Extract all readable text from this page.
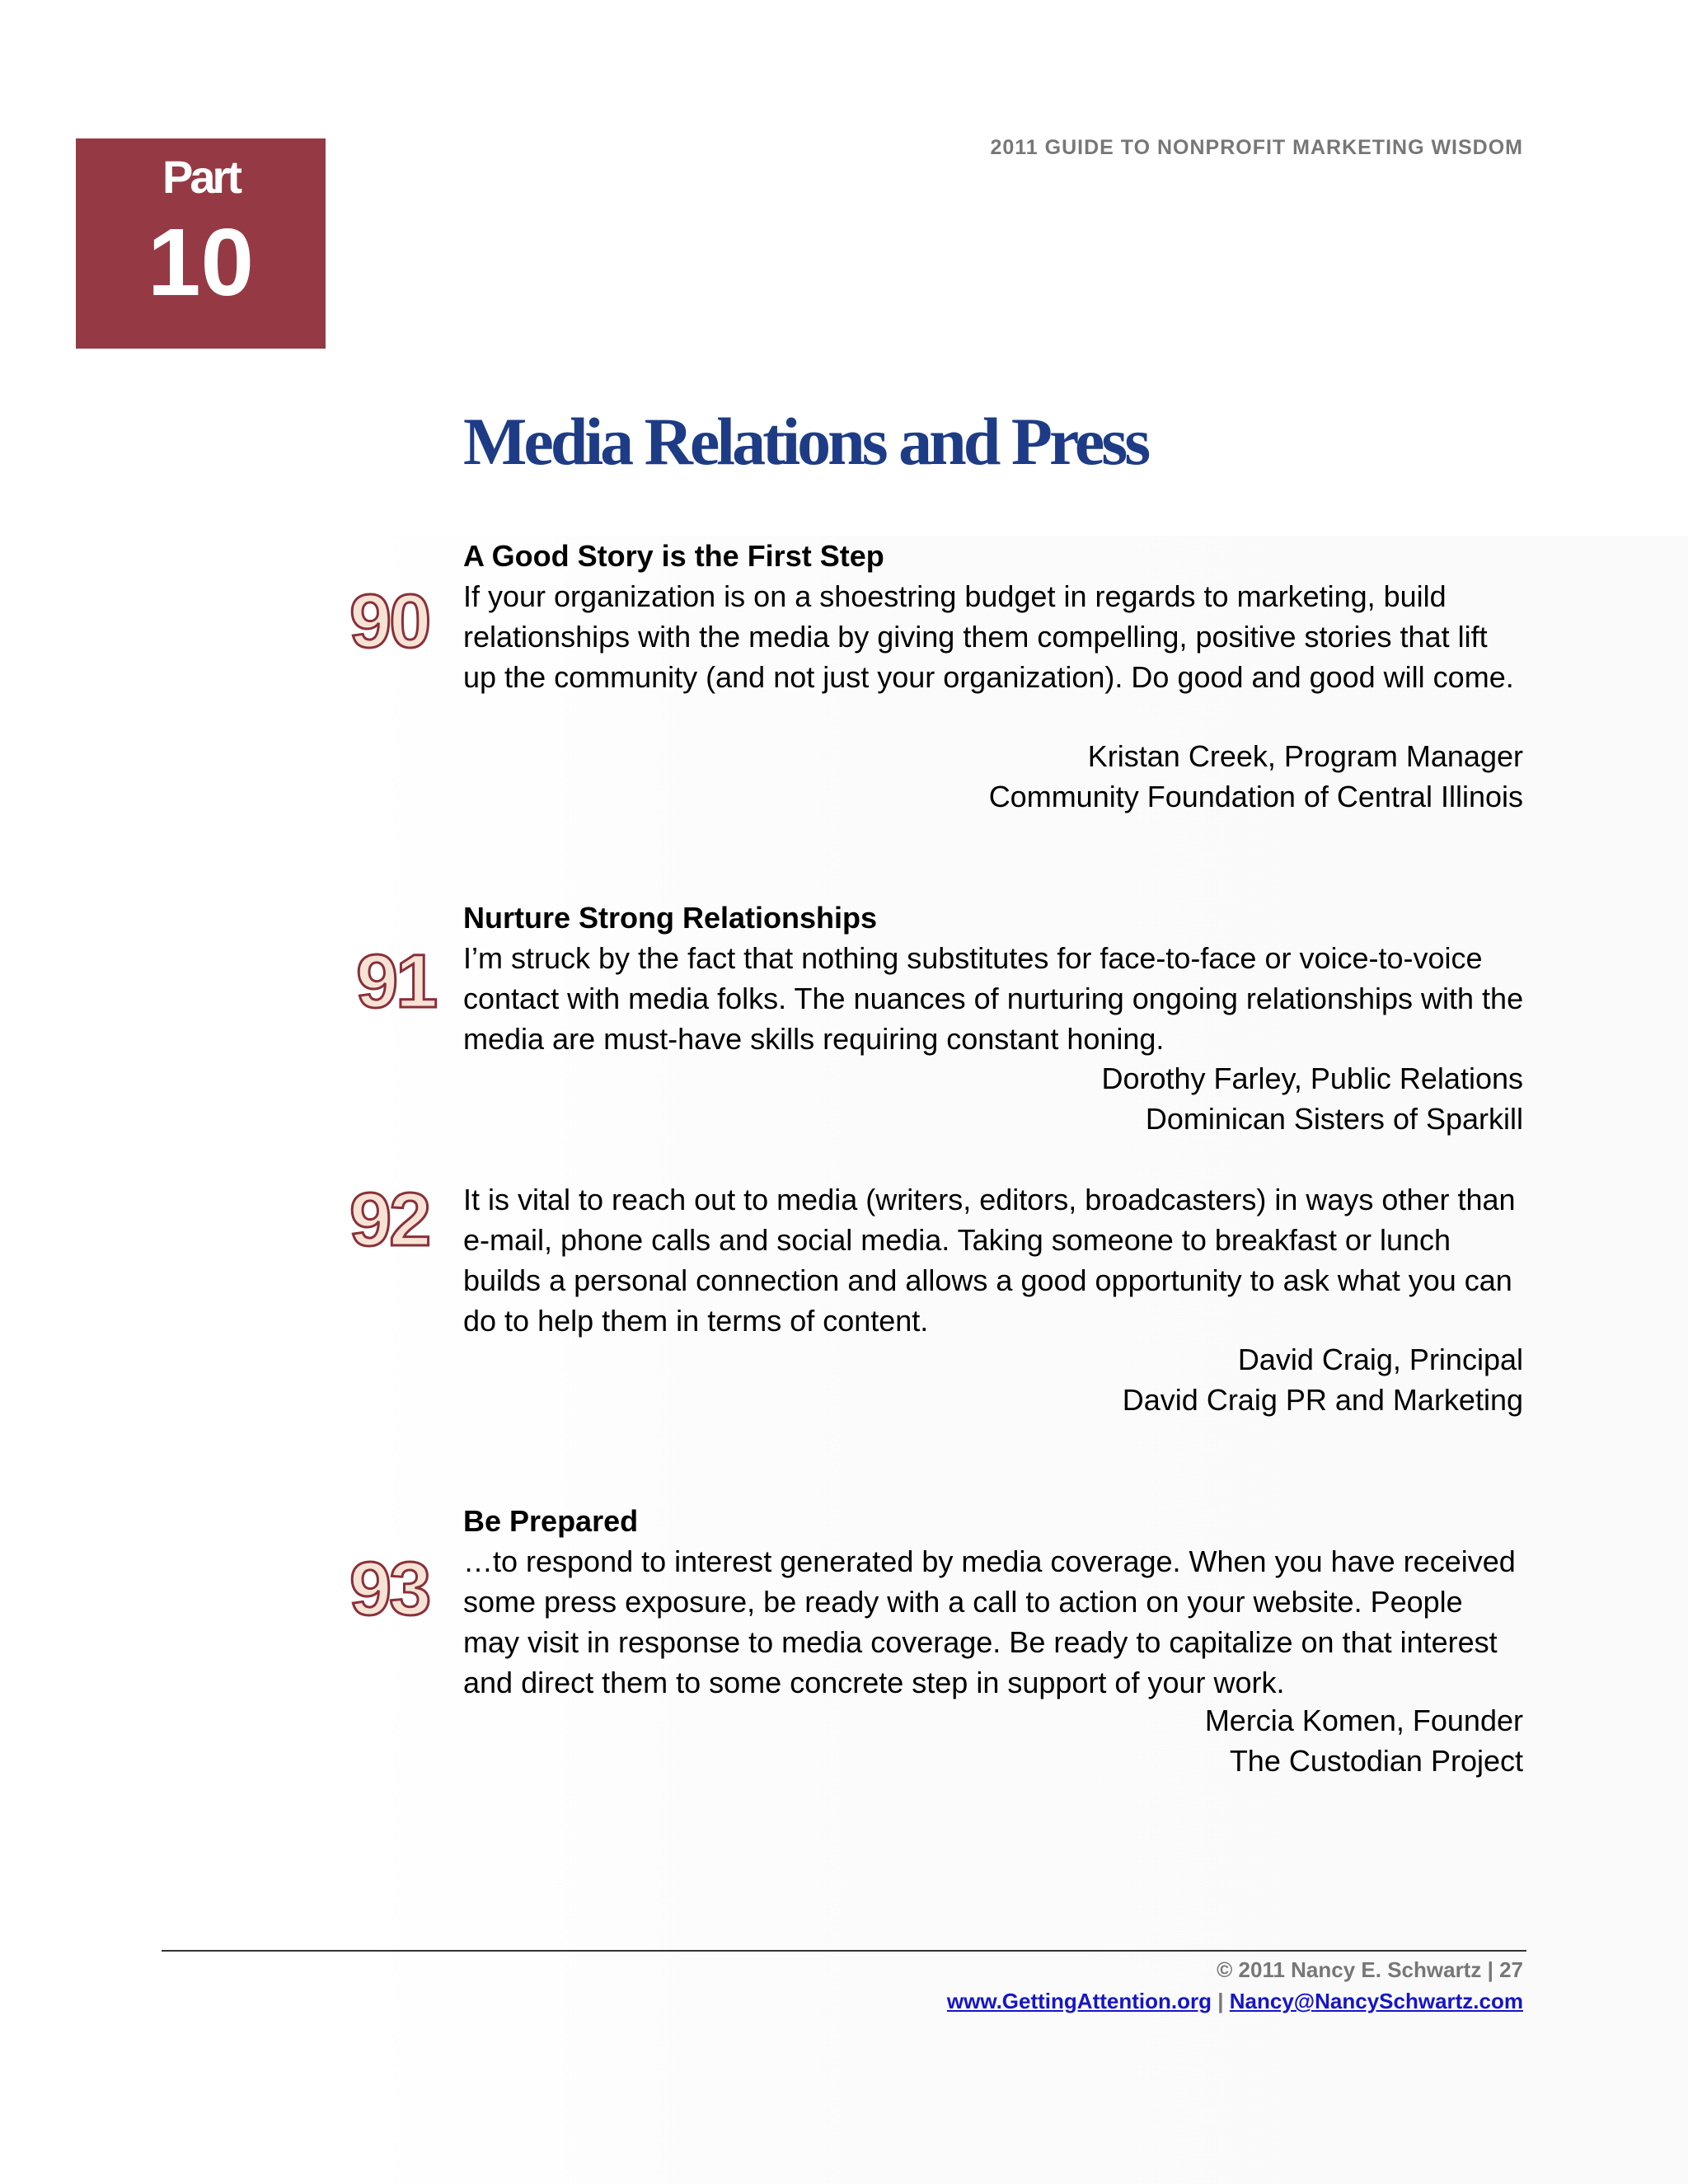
Part
10
2011 GUIDE TO NONPROFIT MARKETING WISDOM
Media Relations and Press
90
A Good Story is the First Step
If your organization is on a shoestring budget in regards to marketing, build relationships with the media by giving them compelling, positive stories that lift up the community (and not just your organization). Do good and good will come.
Kristan Creek, Program Manager
Community Foundation of Central Illinois
91
Nurture Strong Relationships
I’m struck by the fact that nothing substitutes for face-to-face or voice-to-voice contact with media folks. The nuances of nurturing ongoing relationships with the media are must-have skills requiring constant honing.
Dorothy Farley, Public Relations
Dominican Sisters of Sparkill
92 It is vital to reach out to media (writers, editors, broadcasters) in ways other than e-mail, phone calls and social media. Taking someone to breakfast or lunch builds a personal connection and allows a good opportunity to ask what you can do to help them in terms of content.
David Craig, Principal
David Craig PR and Marketing
93
Be Prepared
…to respond to interest generated by media coverage. When you have received some press exposure, be ready with a call to action on your website. People may visit in response to media coverage. Be ready to capitalize on that interest and direct them to some concrete step in support of your work.
Mercia Komen, Founder
The Custodian Project
© 2011 Nancy E. Schwartz | 27
www.GettingAttention.org | Nancy@NancySchwartz.com
